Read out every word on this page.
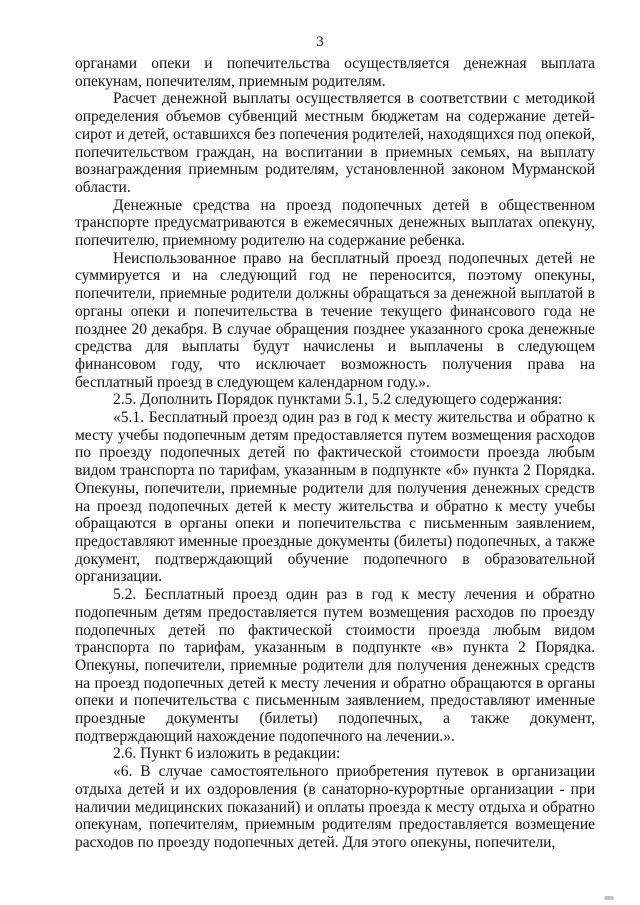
3

органами опеки и попечительства осуществляется денежная выплата опекунам, попечителям, приемным родителям.

Расчет денежной выплаты осуществляется в соответствии с методикой определения объемов субвенций местным бюджетам на содержание детей-сирот и детей, оставшихся без попечения родителей, находящихся под опекой, попечительством граждан, на воспитании в приемных семьях, на выплату вознаграждения приемным родителям, установленной законом Мурманской области.

Денежные средства на проезд подопечных детей в общественном транспорте предусматриваются в ежемесячных денежных выплатах опекуну, попечителю, приемному родителю на содержание ребенка.

Неиспользованное право на бесплатный проезд подопечных детей не суммируется и на следующий год не переносится, поэтому опекуны, попечители, приемные родители должны обращаться за денежной выплатой в органы опеки и попечительства в течение текущего финансового года не позднее 20 декабря. В случае обращения позднее указанного срока денежные средства для выплаты будут начислены и выплачены в следующем финансовом году, что исключает возможность получения права на бесплатный проезд в следующем календарном году.».

2.5. Дополнить Порядок пунктами 5.1, 5.2 следующего содержания:

«5.1. Бесплатный проезд один раз в год к месту жительства и обратно к месту учебы подопечным детям предоставляется путем возмещения расходов по проезду подопечных детей по фактической стоимости проезда любым видом транспорта по тарифам, указанным в подпункте «б» пункта 2 Порядка. Опекуны, попечители, приемные родители для получения денежных средств на проезд подопечных детей к месту жительства и обратно к месту учебы обращаются в органы опеки и попечительства с письменным заявлением, предоставляют именные проездные документы (билеты) подопечных, а также документ, подтверждающий обучение подопечного в образовательной организации.

5.2. Бесплатный проезд один раз в год к месту лечения и обратно подопечным детям предоставляется путем возмещения расходов по проезду подопечных детей по фактической стоимости проезда любым видом транспорта по тарифам, указанным в подпункте «в» пункта 2 Порядка. Опекуны, попечители, приемные родители для получения денежных средств на проезд подопечных детей к месту лечения и обратно обращаются в органы опеки и попечительства с письменным заявлением, предоставляют именные проездные документы (билеты) подопечных, а также документ, подтверждающий нахождение подопечного на лечении.».

2.6. Пункт 6 изложить в редакции:

«6. В случае самостоятельного приобретения путевок в организации отдыха детей и их оздоровления (в санаторно-курортные организации - при наличии медицинских показаний) и оплаты проезда к месту отдыха и обратно опекунам, попечителям, приемным родителям предоставляется возмещение расходов по проезду подопечных детей. Для этого опекуны, попечители,
